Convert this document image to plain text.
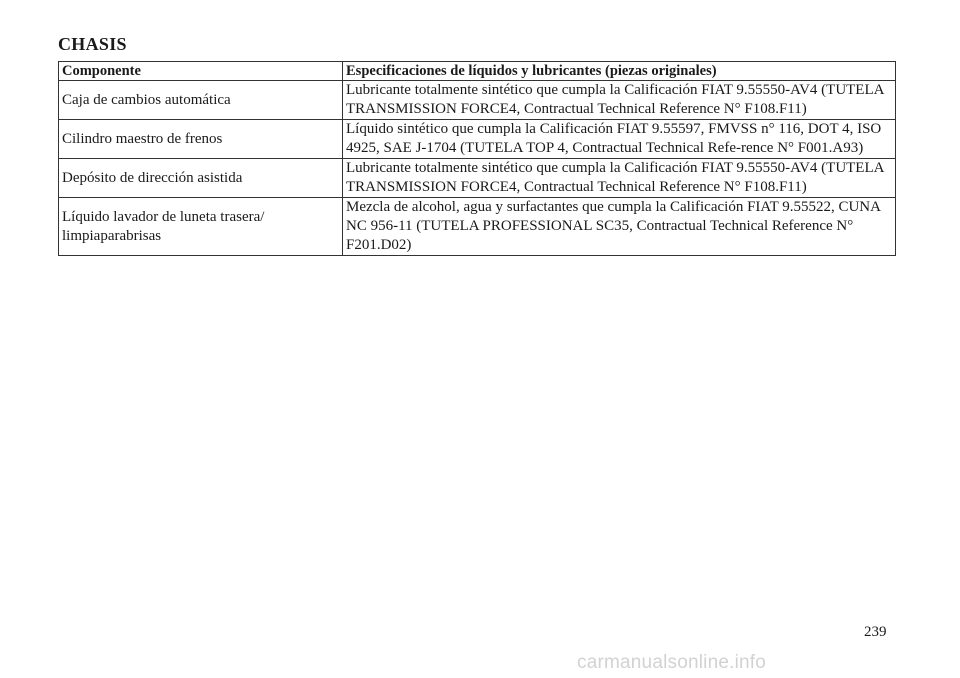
CHASIS
Componente	Especificaciones de líquidos y lubricantes (piezas originales)
Caja de cambios automática	Lubricante totalmente sintético que cumpla la Calificación FIAT 9.55550-AV4 (TUTELA TRANSMISSION FORCE4, Contractual Technical Reference N° F108.F11)
Cilindro maestro de frenos	Líquido sintético que cumpla la Calificación FIAT 9.55597, FMVSS n° 116, DOT 4, ISO 4925, SAE J-1704 (TUTELA TOP 4, Contractual Technical Refe-rence N° F001.A93)
Depósito de dirección asistida	Lubricante totalmente sintético que cumpla la Calificación FIAT 9.55550-AV4 (TUTELA TRANSMISSION FORCE4, Contractual Technical Reference N° F108.F11)
Líquido lavador de luneta trasera/ limpiaparabrisas	Mezcla de alcohol, agua y surfactantes que cumpla la Calificación FIAT 9.55522, CUNA NC 956-11 (TUTELA PROFESSIONAL SC35, Contractual Technical Reference N° F201.D02)
239
carmanualsonline.info
